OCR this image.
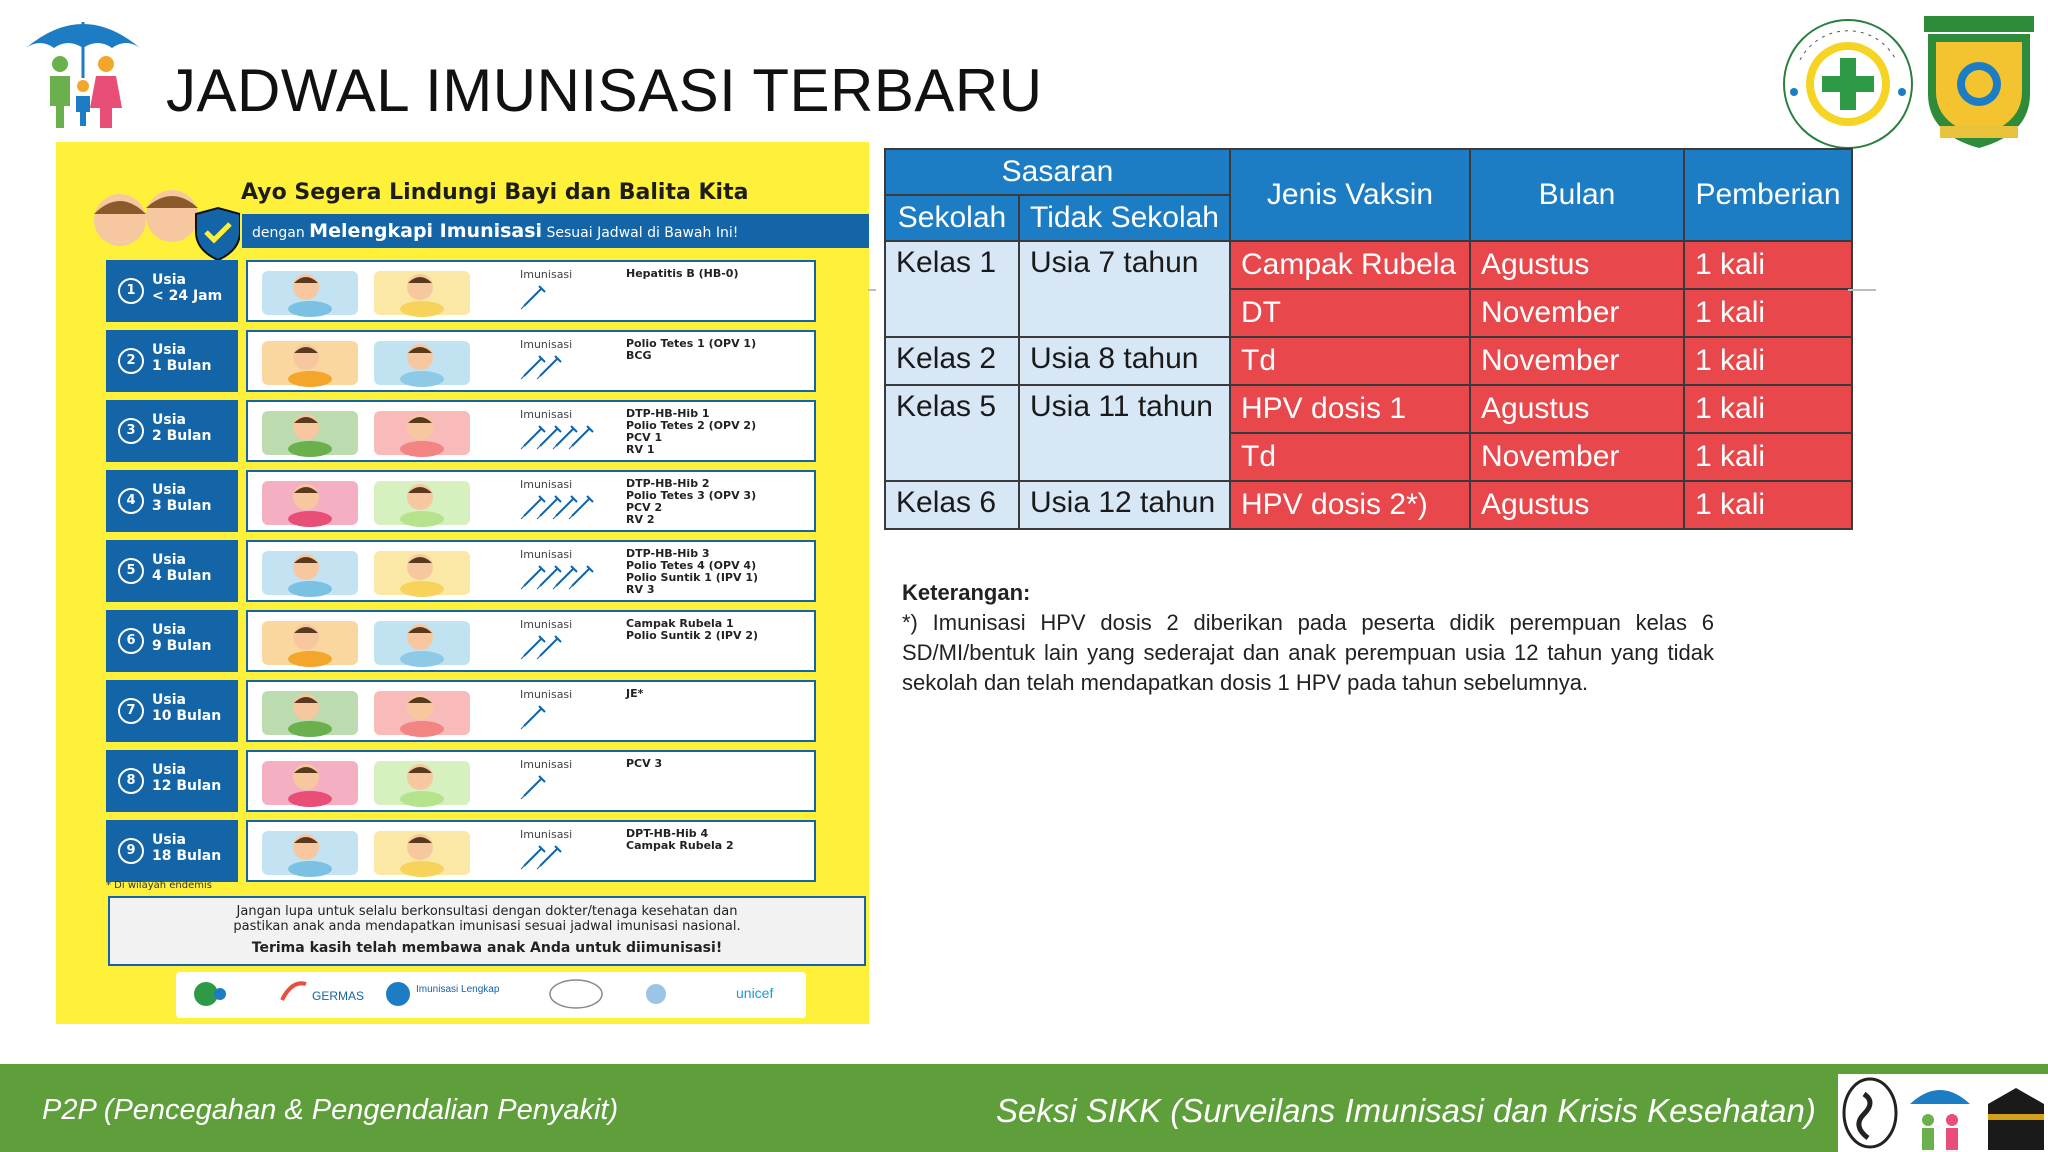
JADWAL IMUNISASI TERBARU
Ayo Segera Lindungi Bayi dan Balita Kita
dengan Melengkapi Imunisasi Sesuai Jadwal di Bawah Ini!
1
Usia
< 24 Jam
Imunisasi	Hepatitis B (HB-0)
2
Usia
1 Bulan
Imunisasi	Polio Tetes 1 (OPV 1)
BCG
3
Usia
2 Bulan
Imunisasi	DTP-HB-Hib 1
Polio Tetes 2 (OPV 2)
PCV 1
RV 1
4
Usia
3 Bulan
Imunisasi	DTP-HB-Hib 2
Polio Tetes 3 (OPV 3)
PCV 2
RV 2
5
Usia
4 Bulan
Imunisasi	DTP-HB-Hib 3
Polio Tetes 4 (OPV 4)
Polio Suntik 1 (IPV 1)
RV 3
6
Usia
9 Bulan
Imunisasi	Campak Rubela 1
Polio Suntik 2 (IPV 2)
7
Usia
10 Bulan
Imunisasi	JE*
8
Usia
12 Bulan
Imunisasi	PCV 3
9
Usia
18 Bulan
Imunisasi	DPT-HB-Hib 4
Campak Rubela 2
* Di wilayah endemis
Jangan lupa untuk selalu berkonsultasi dengan dokter/tenaga kesehatan dan
pastikan anak anda mendapatkan imunisasi sesuai jadwal imunisasi nasional.
Terima kasih telah membawa anak Anda untuk diimunisasi!
GERMAS	Imunisasi Lengkap	unicef
Sasaran		Jenis Vaksin	Bulan	Pemberian
Sekolah	Tidak Sekolah			
Kelas 1	Usia 7 tahun	Campak Rubela	Agustus	1 kali
		DT	November	1 kali
Kelas 2	Usia 8 tahun	Td	November	1 kali
Kelas 5	Usia 11 tahun	HPV dosis 1	Agustus	1 kali
		Td	November	1 kali
Kelas 6	Usia 12 tahun	HPV dosis 2*)	Agustus	1 kali
Keterangan:
*) Imunisasi HPV dosis 2 diberikan pada peserta didik perempuan kelas 6 SD/MI/bentuk lain yang sederajat dan anak perempuan usia 12 tahun yang tidak sekolah dan telah mendapatkan dosis 1 HPV pada tahun sebelumnya.
P2P (Pencegahan & Pengendalian Penyakit)	Seksi SIKK (Surveilans Imunisasi dan Krisis Kesehatan)
